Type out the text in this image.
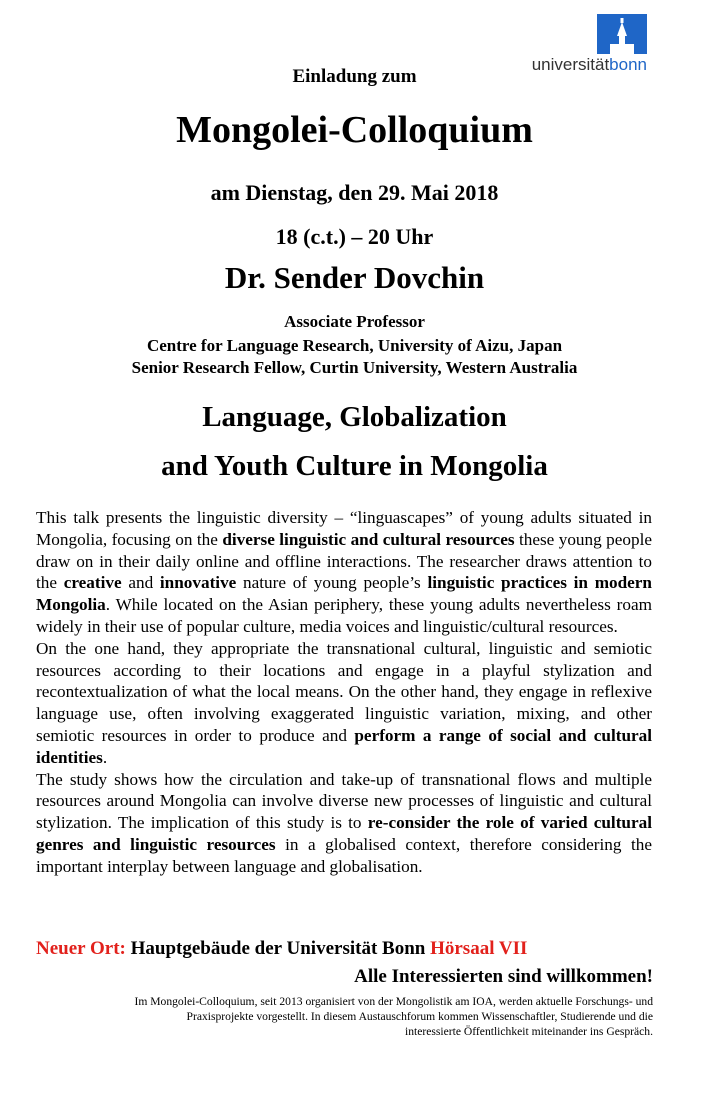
universitätbonn
Einladung zum
Mongolei-Colloquium
am Dienstag, den 29. Mai 2018
18 (c.t.) – 20 Uhr
Dr. Sender Dovchin
Associate Professor
Centre for Language Research, University of Aizu, Japan
Senior Research Fellow, Curtin University, Western Australia
Language, Globalization
and Youth Culture in Mongolia

This talk presents the linguistic diversity – “linguascapes” of young adults situated in Mongolia, focusing on the diverse linguistic and cultural resources these young people draw on in their daily online and offline interactions. The researcher draws attention to the creative and innovative nature of young people’s linguistic practices in modern Mongolia. While located on the Asian periphery, these young adults nevertheless roam widely in their use of popular culture, media voices and linguistic/cultural resources.

On the one hand, they appropriate the transnational cultural, linguistic and semiotic resources according to their locations and engage in a playful stylization and recontextualization of what the local means. On the other hand, they engage in reflexive language use, often involving exaggerated linguistic variation, mixing, and other semiotic resources in order to produce and perform a range of social and cultural identities.

The study shows how the circulation and take-up of transnational flows and multiple resources around Mongolia can involve diverse new processes of linguistic and cultural stylization. The implication of this study is to re-consider the role of varied cultural genres and linguistic resources in a globalised context, therefore considering the important interplay between language and globalisation.

Neuer Ort: Hauptgebäude der Universität Bonn Hörsaal VII
Alle Interessierten sind willkommen!
Im Mongolei-Colloquium, seit 2013 organisiert von der Mongolistik am IOA, werden aktuelle Forschungs- und
Praxisprojekte vorgestellt. In diesem Austauschforum kommen Wissenschaftler, Studierende und die
interessierte Öffentlichkeit miteinander ins Gespräch.
